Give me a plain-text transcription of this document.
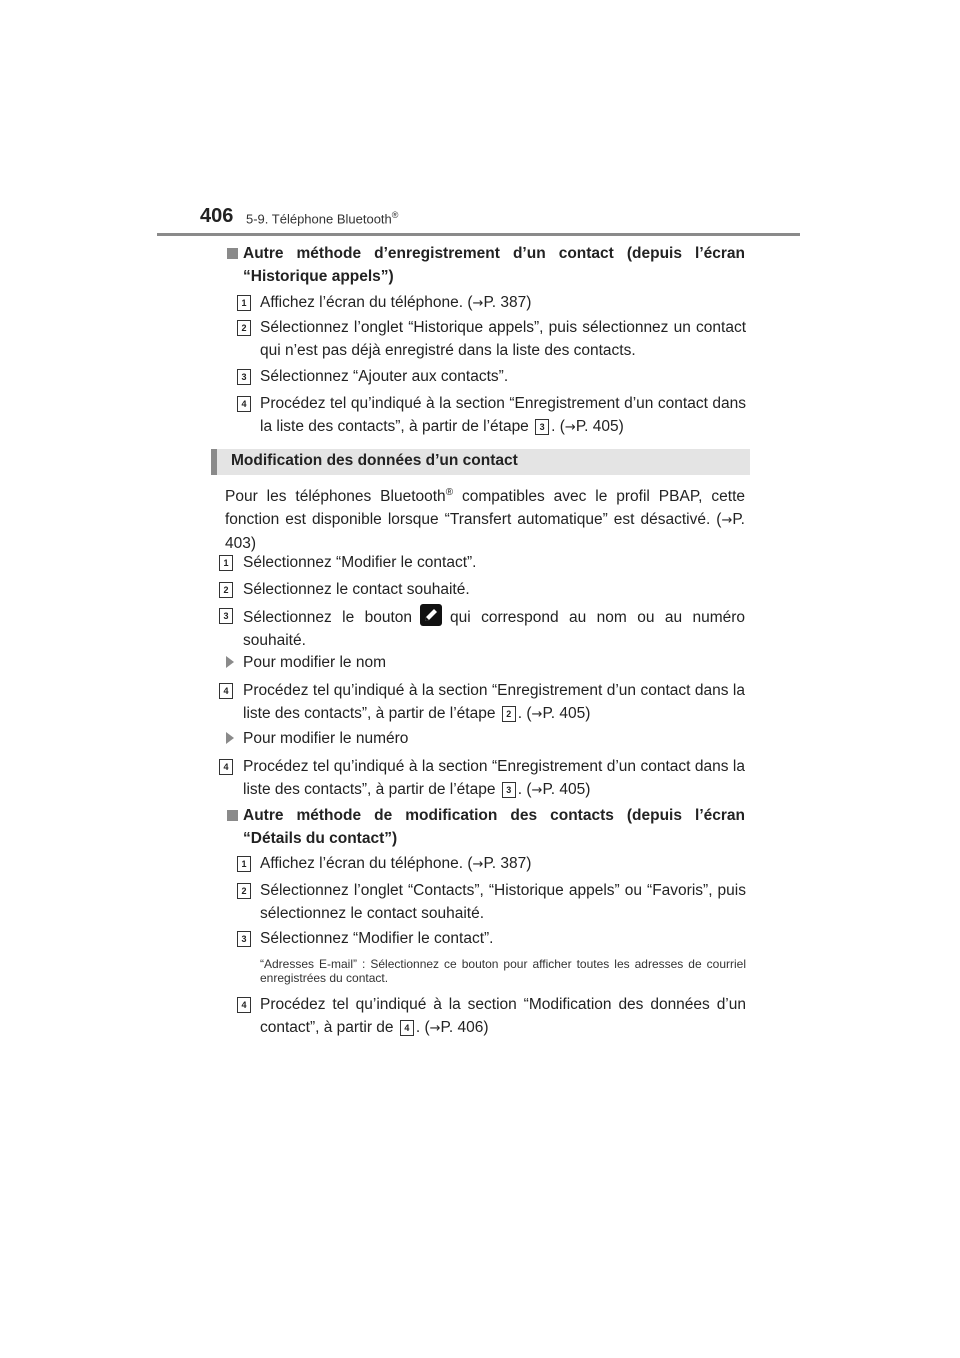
406 5-9. Téléphone Bluetooth®
Autre méthode d’enregistrement d’un contact (depuis l’écran “Historique appels”)
1 Affichez l’écran du téléphone. (→P. 387)
2 Sélectionnez l’onglet “Historique appels”, puis sélectionnez un contact qui n’est pas déjà enregistré dans la liste des contacts.
3 Sélectionnez “Ajouter aux contacts”.
4 Procédez tel qu’indiqué à la section “Enregistrement d’un contact dans la liste des contacts”, à partir de l’étape 3 . (→P. 405)
Modification des données d’un contact
Pour les téléphones Bluetooth® compatibles avec le profil PBAP, cette fonction est disponible lorsque “Transfert automatique” est désactivé. (→P. 403)
1 Sélectionnez “Modifier le contact”.
2 Sélectionnez le contact souhaité.
3 Sélectionnez le bouton qui correspond au nom ou au numéro souhaité.
Pour modifier le nom
4 Procédez tel qu’indiqué à la section “Enregistrement d’un contact dans la liste des contacts”, à partir de l’étape 2 . (→P. 405)
Pour modifier le numéro
4 Procédez tel qu’indiqué à la section “Enregistrement d’un contact dans la liste des contacts”, à partir de l’étape 3 . (→P. 405)
Autre méthode de modification des contacts (depuis l’écran “Détails du contact”)
1 Affichez l’écran du téléphone. (→P. 387)
2 Sélectionnez l’onglet “Contacts”, “Historique appels” ou “Favoris”, puis sélectionnez le contact souhaité.
3 Sélectionnez “Modifier le contact”.
“Adresses E-mail” : Sélectionnez ce bouton pour afficher toutes les adresses de courriel enregistrées du contact.
4 Procédez tel qu’indiqué à la section “Modification des données d’un contact”, à partir de 4 . (→P. 406)
